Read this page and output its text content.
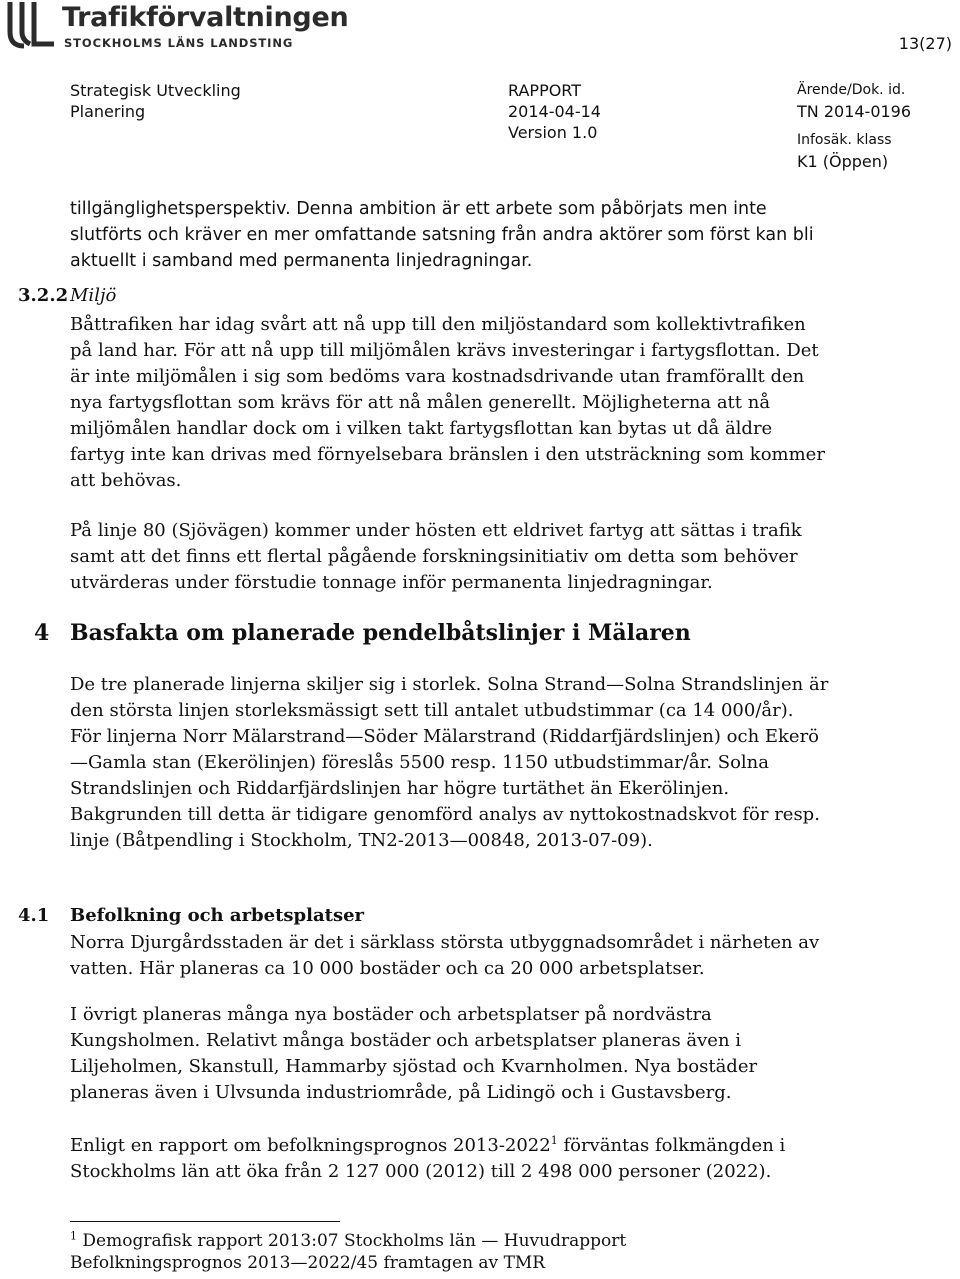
Trafikförvaltningen
STOCKHOLMS LÄNS LANDSTING	13(27)
Strategisk Utveckling
Planering
RAPPORT
2014-04-14
Version 1.0
Ärende/Dok. id.
TN 2014-0196
Infosäk. klass
K1 (Öppen)
tillgänglighetsperspektiv. Denna ambition är ett arbete som påbörjats men inte slutförts och kräver en mer omfattande satsning från andra aktörer som först kan bli aktuellt i samband med permanenta linjedragningar.
3.2.2 Miljö
Båttrafiken har idag svårt att nå upp till den miljöstandard som kollektivtrafiken på land har. För att nå upp till miljömålen krävs investeringar i fartygsflottan. Det är inte miljömålen i sig som bedöms vara kostnadsdrivande utan framförallt den nya fartygsflottan som krävs för att nå målen generellt. Möjligheterna att nå miljömålen handlar dock om i vilken takt fartygsflottan kan bytas ut då äldre fartyg inte kan drivas med förnyelsebara bränslen i den utsträckning som kommer att behövas.
På linje 80 (Sjövägen) kommer under hösten ett eldrivet fartyg att sättas i trafik samt att det finns ett flertal pågående forskningsinitiativ om detta som behöver utvärderas under förstudie tonnage inför permanenta linjedragningar.
4 Basfakta om planerade pendelbåtslinjer i Mälaren
De tre planerade linjerna skiljer sig i storlek. Solna Strand—Solna Strandslinjen är den största linjen storleksmässigt sett till antalet utbudstimmar (ca 14 000/år). För linjerna Norr Mälarstrand—Söder Mälarstrand (Riddarfjärdslinjen) och Ekerö—Gamla stan (Ekerölinjen) föreslås 5500 resp. 1150 utbudstimmar/år. Solna Strandslinjen och Riddarfjärdslinjen har högre turtäthet än Ekerölinjen. Bakgrunden till detta är tidigare genomförd analys av nyttokostnadskvot för resp. linje (Båtpendling i Stockholm, TN2-2013—00848, 2013-07-09).
4.1 Befolkning och arbetsplatser
Norra Djurgårdsstaden är det i särklass största utbyggnadsområdet i närheten av vatten. Här planeras ca 10 000 bostäder och ca 20 000 arbetsplatser.
I övrigt planeras många nya bostäder och arbetsplatser på nordvästra Kungsholmen. Relativt många bostäder och arbetsplatser planeras även i Liljeholmen, Skanstull, Hammarby sjöstad och Kvarnholmen. Nya bostäder planeras även i Ulvsunda industriområde, på Lidingö och i Gustavsberg.
Enligt en rapport om befolkningsprognos 2013-2022$^1$ förväntas folkmängden i Stockholms län att öka från 2 127 000 (2012) till 2 498 000 personer (2022).
$^1$ Demografisk rapport 2013:07 Stockholms län — Huvudrapport
Befolkningsprognos 2013—2022/45 framtagen av TMR
